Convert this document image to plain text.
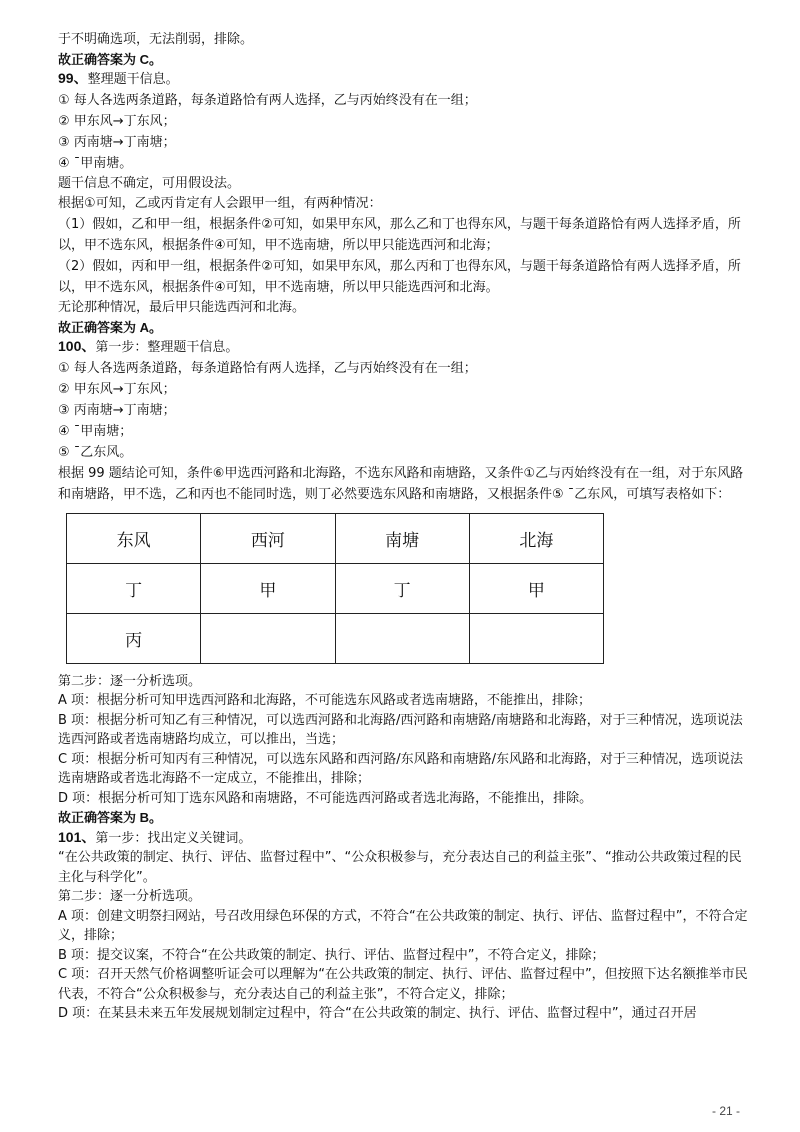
于不明确选项，无法削弱，排除。

故正确答案为 C。

99、整理题干信息。

① 每人各选两条道路，每条道路恰有两人选择，乙与丙始终没有在一组；

② 甲东风→丁东风；

③ 丙南塘→丁南塘；

④ ¯甲南塘。

题干信息不确定，可用假设法。

根据①可知，乙或丙肯定有人会跟甲一组，有两种情况：

（1）假如，乙和甲一组，根据条件②可知，如果甲东风，那么乙和丁也得东风，与题干每条道路恰有两人选择矛盾，所以，甲不选东风，根据条件④可知，甲不选南塘，所以甲只能选西河和北海；

（2）假如，丙和甲一组，根据条件②可知，如果甲东风，那么丙和丁也得东风，与题干每条道路恰有两人选择矛盾，所以，甲不选东风，根据条件④可知，甲不选南塘，所以甲只能选西河和北海。

无论那种情况，最后甲只能选西河和北海。

故正确答案为 A。

100、第一步：整理题干信息。

① 每人各选两条道路，每条道路恰有两人选择，乙与丙始终没有在一组；

② 甲东风→丁东风；

③ 丙南塘→丁南塘；

④ ¯甲南塘；

⑤ ¯乙东风。

根据 99 题结论可知，条件⑥甲选西河路和北海路，不选东风路和南塘路，又条件①乙与丙始终没有在一组，对于东风路和南塘路，甲不选，乙和丙也不能同时选，则丁必然要选东风路和南塘路，又根据条件⑤ ¯乙东风，可填写表格如下：

东风	西河	南塘	北海
丁	甲	丁	甲
丙			

第二步：逐一分析选项。

A 项：根据分析可知甲选西河路和北海路，不可能选东风路或者选南塘路，不能推出，排除；

B 项：根据分析可知乙有三种情况，可以选西河路和北海路/西河路和南塘路/南塘路和北海路，对于三种情况，选项说法选西河路或者选南塘路均成立，可以推出，当选；

C 项：根据分析可知丙有三种情况，可以选东风路和西河路/东风路和南塘路/东风路和北海路，对于三种情况，选项说法选南塘路或者选北海路不一定成立，不能推出，排除；

D 项：根据分析可知丁选东风路和南塘路，不可能选西河路或者选北海路，不能推出，排除。

故正确答案为 B。

101、第一步：找出定义关键词。

“在公共政策的制定、执行、评估、监督过程中”、“公众积极参与，充分表达自己的利益主张”、“推动公共政策过程的民主化与科学化”。

第二步：逐一分析选项。

A 项：创建文明祭扫网站，号召改用绿色环保的方式，不符合“在公共政策的制定、执行、评估、监督过程中”，不符合定义，排除；

B 项：提交议案，不符合“在公共政策的制定、执行、评估、监督过程中”，不符合定义，排除；

C 项：召开天然气价格调整听证会可以理解为“在公共政策的制定、执行、评估、监督过程中”，但按照下达名额推举市民代表，不符合“公众积极参与，充分表达自己的利益主张”，不符合定义，排除；

D 项：在某县未来五年发展规划制定过程中，符合“在公共政策的制定、执行、评估、监督过程中”，通过召开居

- 21 -
